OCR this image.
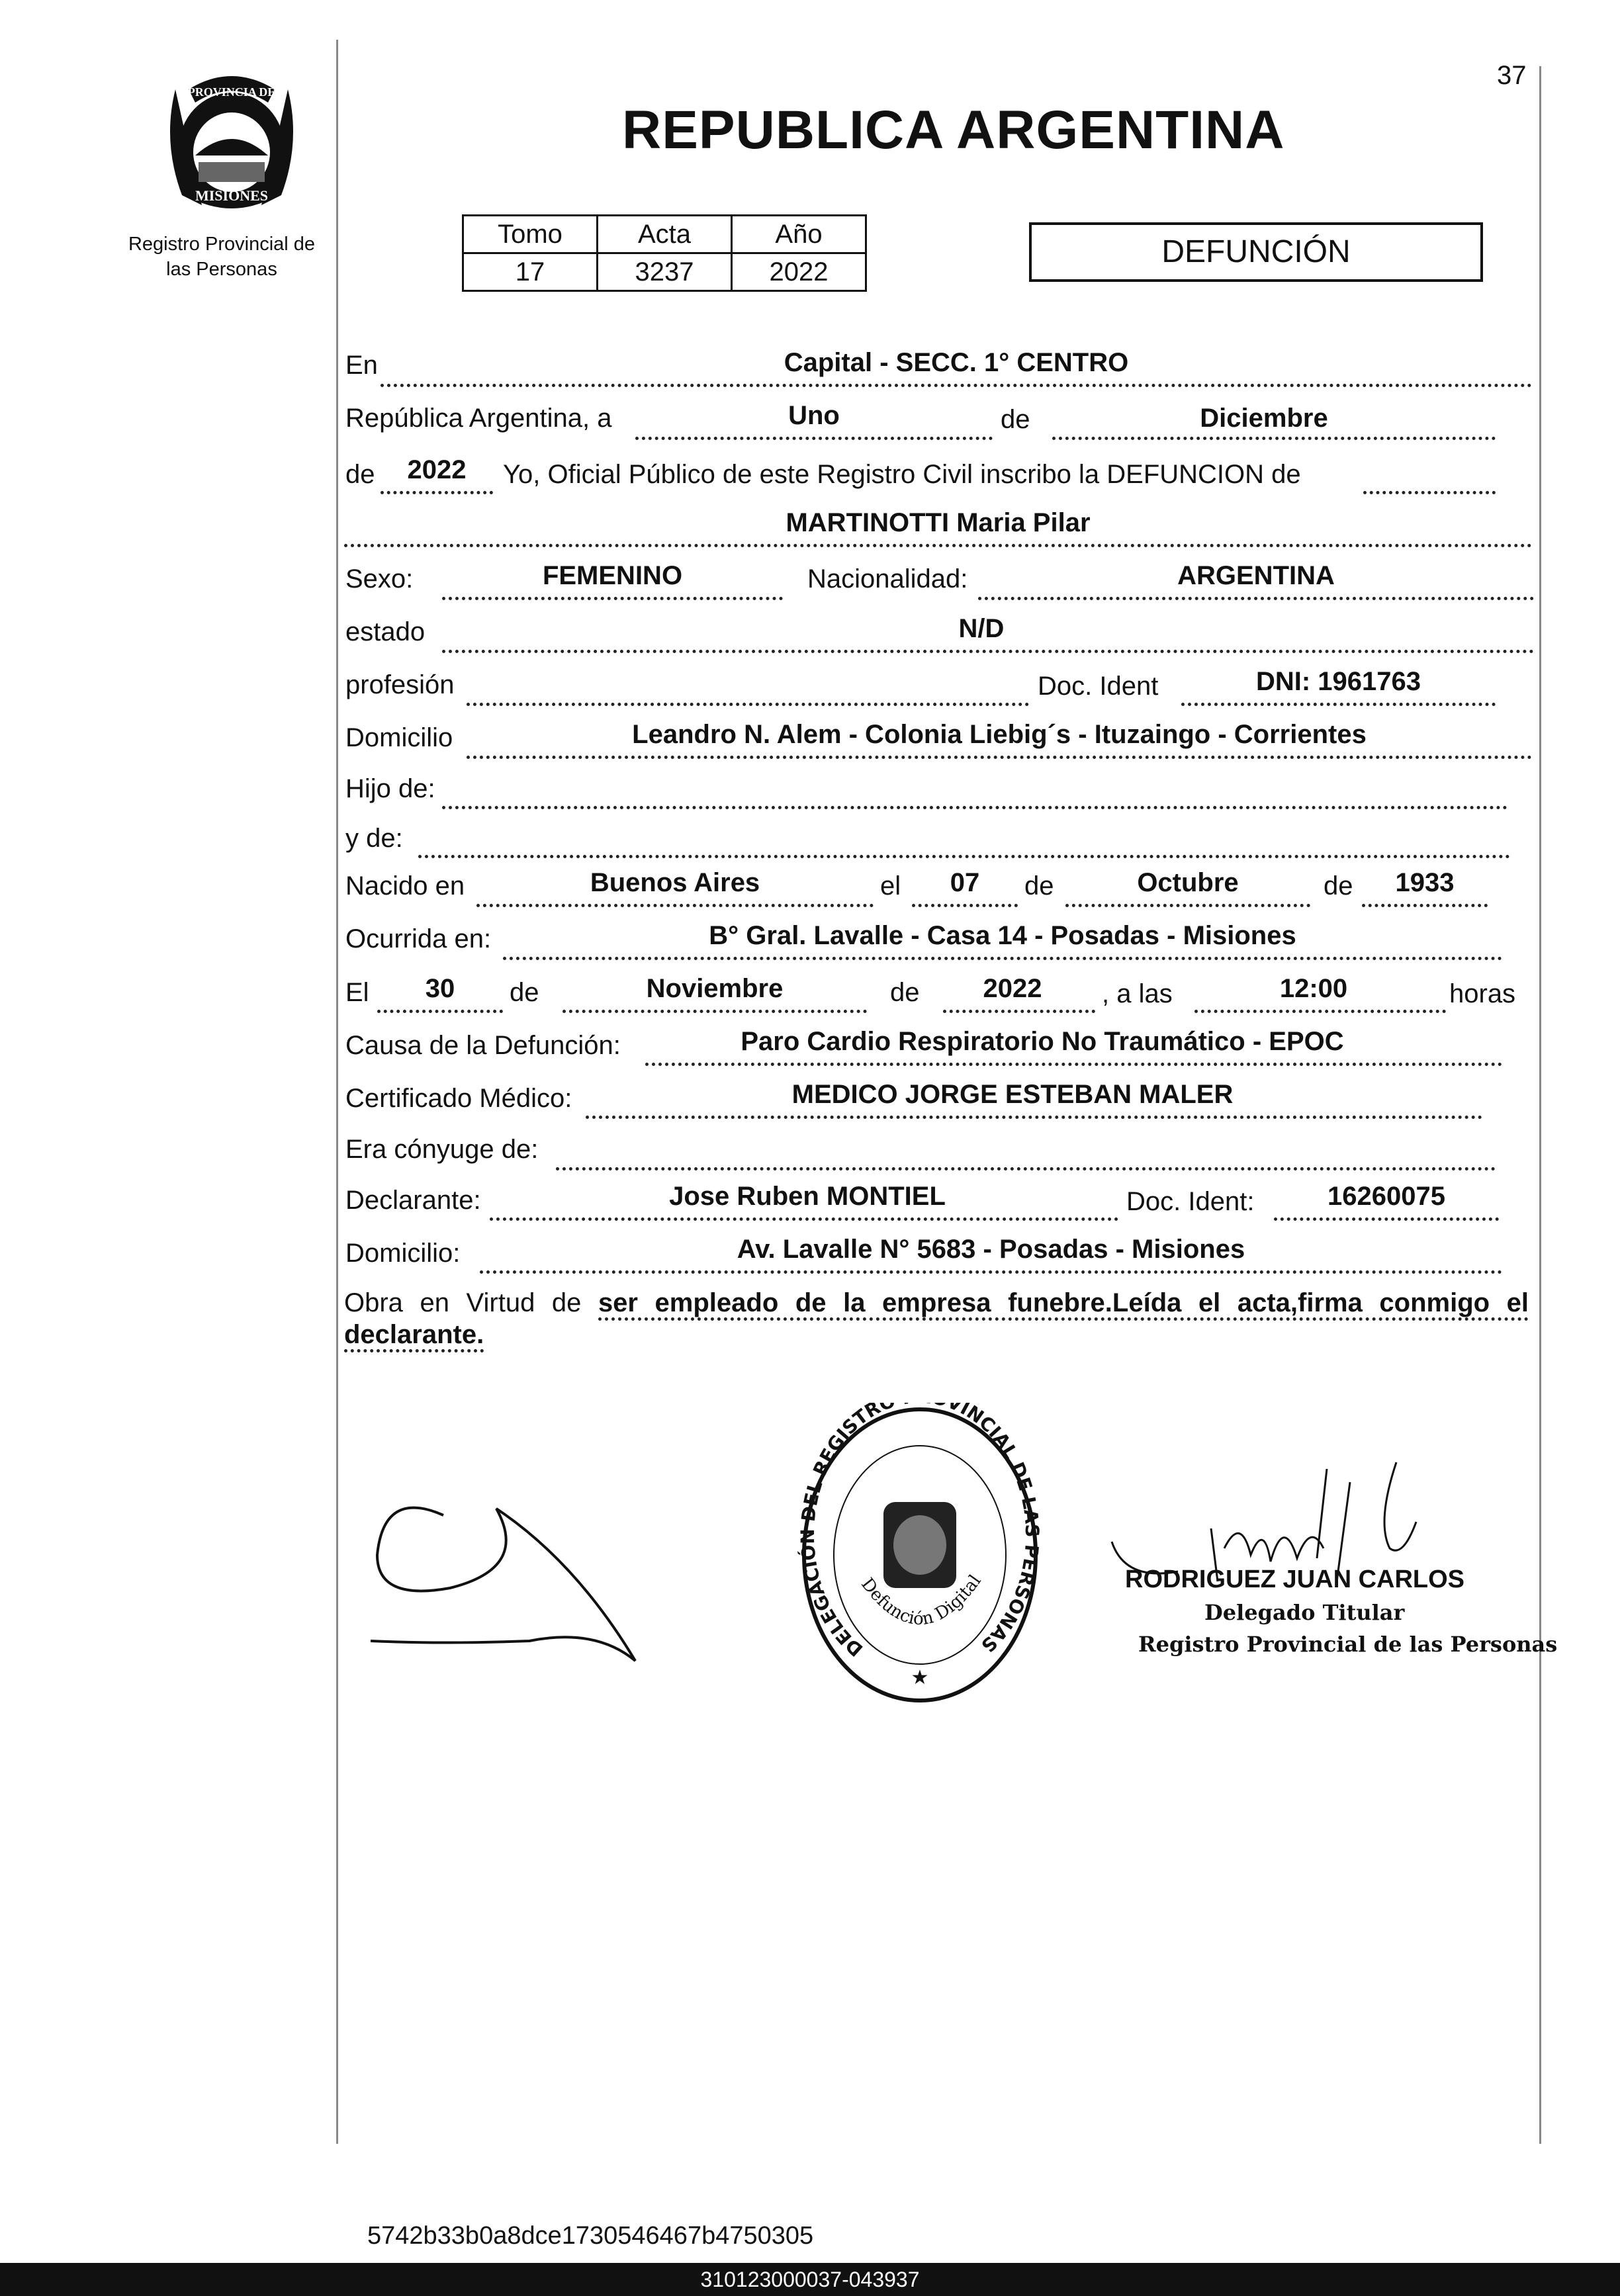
37
PROVINCIA DE
MISIONES
Registro Provincial de
las Personas
REPUBLICA ARGENTINA
Tomo	Acta	Año
17	3237	2022
DEFUNCIÓN
En	Capital - SECC. 1° CENTRO
República Argentina, a	Uno	de	Diciembre
de	2022	Yo, Oficial Público de este Registro Civil inscribo la DEFUNCION de
MARTINOTTI Maria Pilar
Sexo:	FEMENINO	Nacionalidad:	ARGENTINA
estado	N/D
profesión	Doc. Ident	DNI: 1961763
Domicilio	Leandro N. Alem - Colonia Liebig´s - Ituzaingo - Corrientes
Hijo de:
y de:
Nacido en	Buenos Aires	el	07	de	Octubre	de	1933
Ocurrida en:	B° Gral. Lavalle - Casa 14 - Posadas - Misiones
El	30	de	Noviembre	de	2022	, a las	12:00	horas
Causa de la Defunción:	Paro Cardio Respiratorio No Traumático - EPOC
Certificado Médico:	MEDICO JORGE ESTEBAN MALER
Era cónyuge de:
Declarante:	Jose Ruben MONTIEL	Doc. Ident:	16260075
Domicilio:	Av. Lavalle N° 5683 - Posadas - Misiones
Obra en Virtud de ser empleado de la empresa funebre.Leída el acta,firma conmigo el declarante.
DELEGACIÓN DEL REGISTR VINCIAL DE LAS PERSONAS
Defunción Digital
★
RODRIGUEZ JUAN CARLOS
Delegado Titular
Registro Provincial de las Personas
5742b33b0a8dce1730546467b4750305
310123000037-043937
